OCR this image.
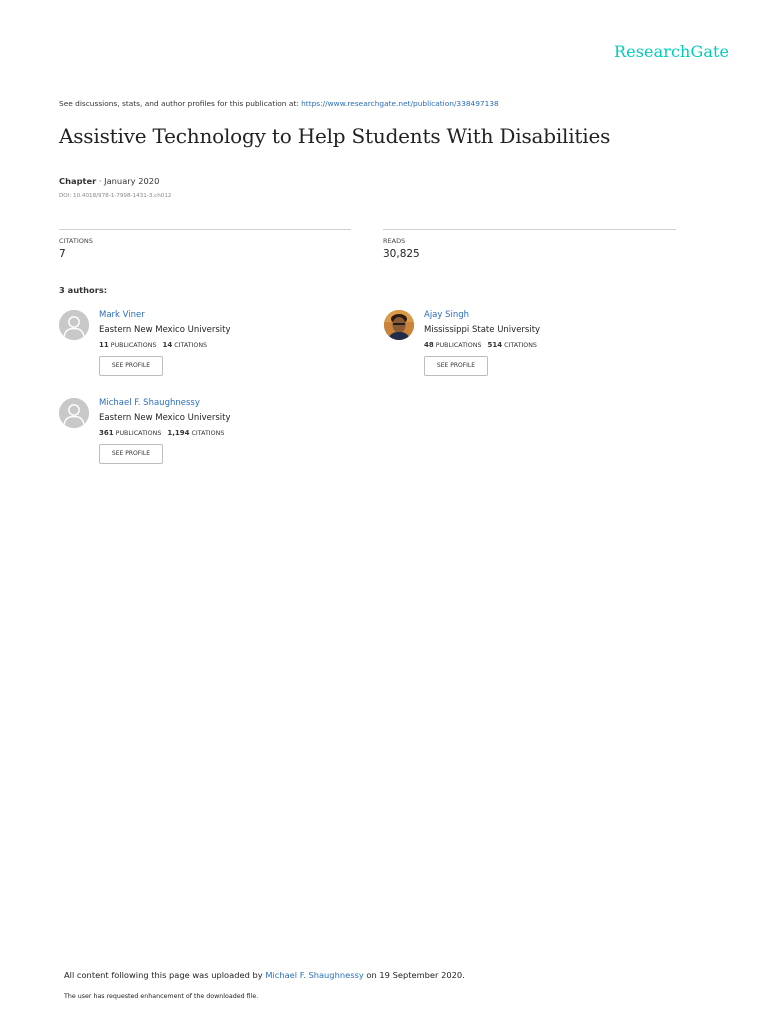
ResearchGate
See discussions, stats, and author profiles for this publication at: https://www.researchgate.net/publication/338497138
Assistive Technology to Help Students With Disabilities
Chapter · January 2020
DOI: 10.4018/978-1-7998-1431-3.ch012
CITATIONS
7
READS
30,825
3 authors:
Mark Viner
Eastern New Mexico University
11 PUBLICATIONS 14 CITATIONS
SEE PROFILE
Ajay Singh
Mississippi State University
48 PUBLICATIONS 514 CITATIONS
SEE PROFILE
Michael F. Shaughnessy
Eastern New Mexico University
361 PUBLICATIONS 1,194 CITATIONS
SEE PROFILE
All content following this page was uploaded by Michael F. Shaughnessy on 19 September 2020.
The user has requested enhancement of the downloaded file.
